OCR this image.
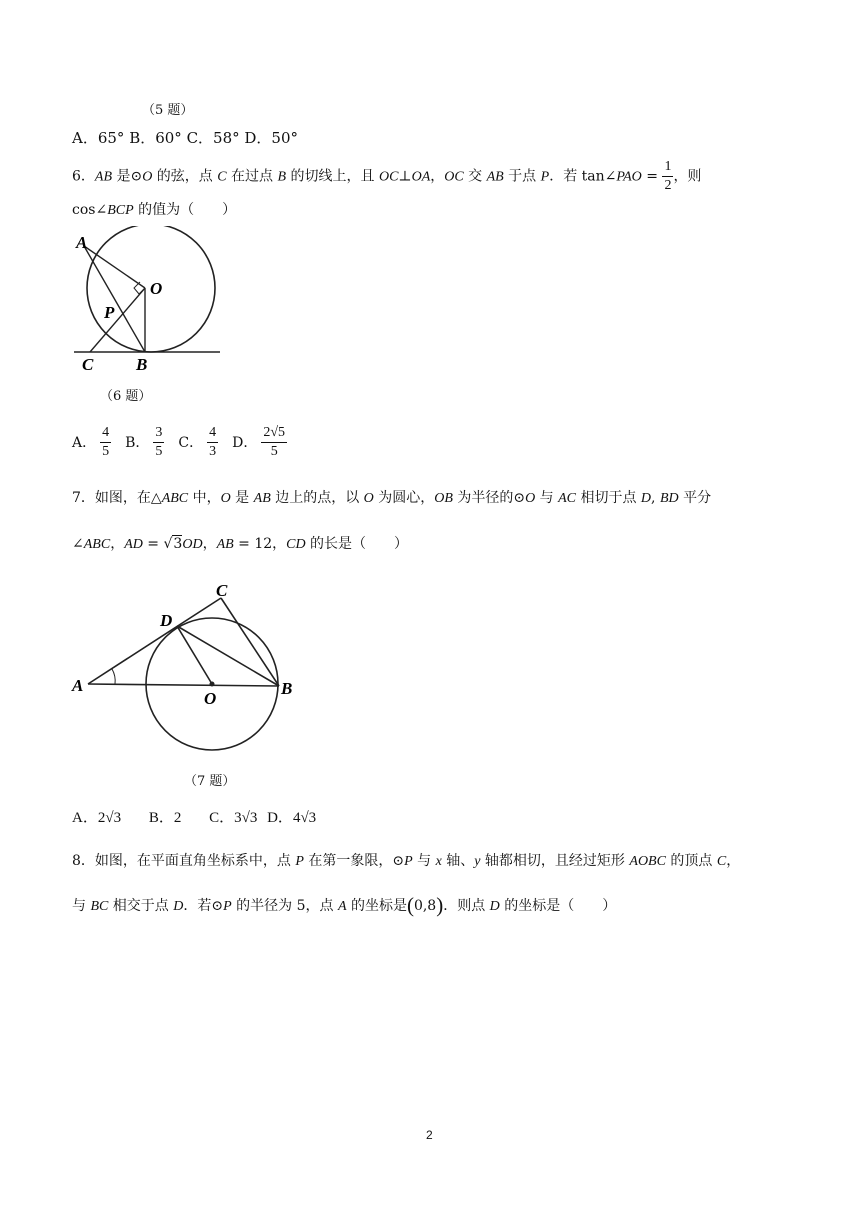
（5 题）
A．65° B．60° C．58° D．50°
6．AB 是⊙O 的弦，点 C 在过点 B 的切线上，且 OC⊥OA，OC 交 AB 于点 P．若 tan∠PAO = $\frac{1}{2}$ ，则
cos∠BCP 的值为（　　）
A
O
P
C	B
（6 题）
A． $\frac{4}{5}$ B． $\frac{3}{5}$ C． $\frac{4}{3}$ D． $\frac{2√5}{5}$
7．如图，在△ABC 中，O 是 AB 边上的点，以 O 为圆心，OB 为半径的⊙O 与 AC 相切于点 D, BD 平分
∠ABC，AD = √3OD，AB = 12，CD 的长是（　　）
A	B
C
D
O
（7 题）
A．2√3 B．2 C．3√3 D．4√3
8．如图，在平面直角坐标系中，点 P 在第一象限，⊙P 与 x 轴、y 轴都相切，且经过矩形 AOBC 的顶点 C，
与 BC 相交于点 D．若⊙P 的半径为 5，点 A 的坐标是(0,8)．则点 D 的坐标是（　　）
2
